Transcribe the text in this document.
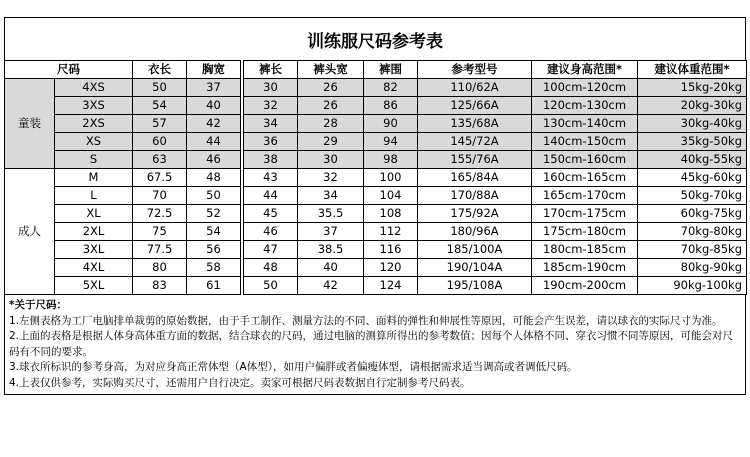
训练服尺码参考表
尺码		衣长	胸宽		裤长	裤头宽	裤围	参考型号	建议身高范围*	建议体重范围*
童装	4XS	50	37		30	26	82	110/62A	100cm-120cm	15kg-20kg
	3XS	54	40		32	26	86	125/66A	120cm-130cm	20kg-30kg
	2XS	57	42		34	28	90	135/68A	130cm-140cm	30kg-40kg
	XS	60	44		36	29	94	145/72A	140cm-150cm	35kg-50kg
	S	63	46		38	30	98	155/76A	150cm-160cm	40kg-55kg
成人	M	67.5	48		43	32	100	165/84A	160cm-165cm	45kg-60kg
	L	70	50		44	34	104	170/88A	165cm-170cm	50kg-70kg
	XL	72.5	52		45	35.5	108	175/92A	170cm-175cm	60kg-75kg
	2XL	75	54		46	37	112	180/96A	175cm-180cm	70kg-80kg
	3XL	77.5	56		47	38.5	116	185/100A	180cm-185cm	70kg-85kg
	4XL	80	58		48	40	120	190/104A	185cm-190cm	80kg-90kg
	5XL	83	61		50	42	124	195/108A	190cm-200cm	90kg-100kg
*关于尺码：
1.左侧表格为工厂电脑排单裁剪的原始数据，由于手工制作、测量方法的不同、面料的弹性和伸展性等原因，可能会产生误差，请以球衣的实际尺寸为准。
2.上面的表格是根据人体身高体重方面的数据，结合球衣的尺码，通过电脑的测算所得出的参考数值；因每个人体格不同、穿衣习惯不同等原因，可能会对尺码有不同的要求。
3.球衣所标识的参考身高，为对应身高正常体型（A体型），如用户偏胖或者偏瘦体型，请根据需求适当调高或者调低尺码。
4.上表仅供参考，实际购买尺寸，还需用户自行决定。卖家可根据尺码表数据自行定制参考尺码表。
